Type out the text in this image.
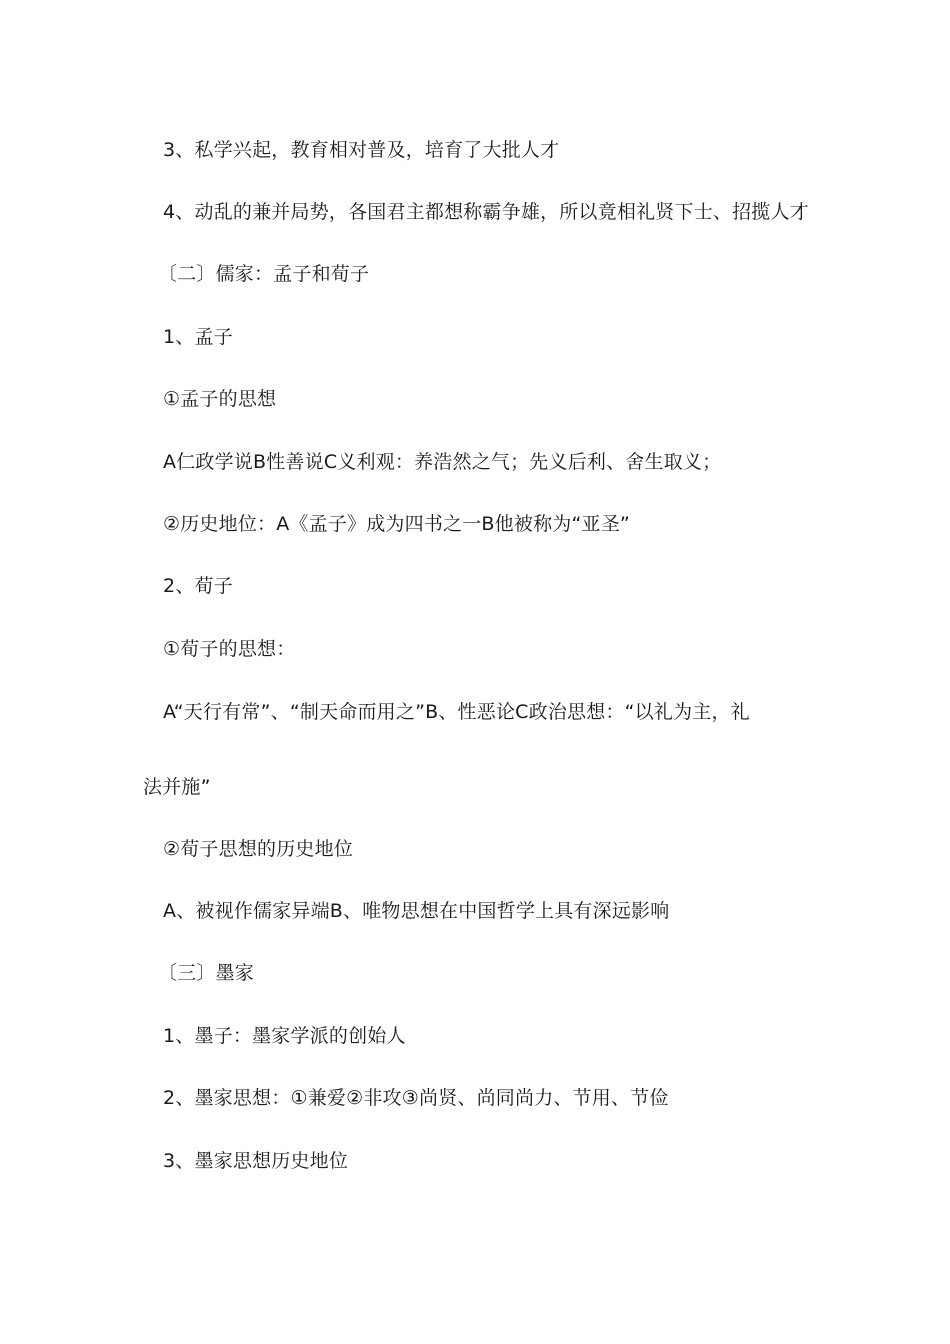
3、私学兴起，教育相对普及，培育了大批人才
4、动乱的兼并局势，各国君主都想称霸争雄，所以竟相礼贤下士、招揽人才
〔二〕儒家：孟子和荀子
1、孟子
①孟子的思想
A仁政学说B性善说C义利观：养浩然之气；先义后利、舍生取义；
②历史地位：A《孟子》成为四书之一B他被称为“亚圣”
2、荀子
①荀子的思想：
A“天行有常”、“制天命而用之”B、性恶论C政治思想：“以礼为主，礼
法并施”
②荀子思想的历史地位
A、被视作儒家异端B、唯物思想在中国哲学上具有深远影响
〔三〕墨家
1、墨子：墨家学派的创始人
2、墨家思想：①兼爱②非攻③尚贤、尚同尚力、节用、节俭
3、墨家思想历史地位
